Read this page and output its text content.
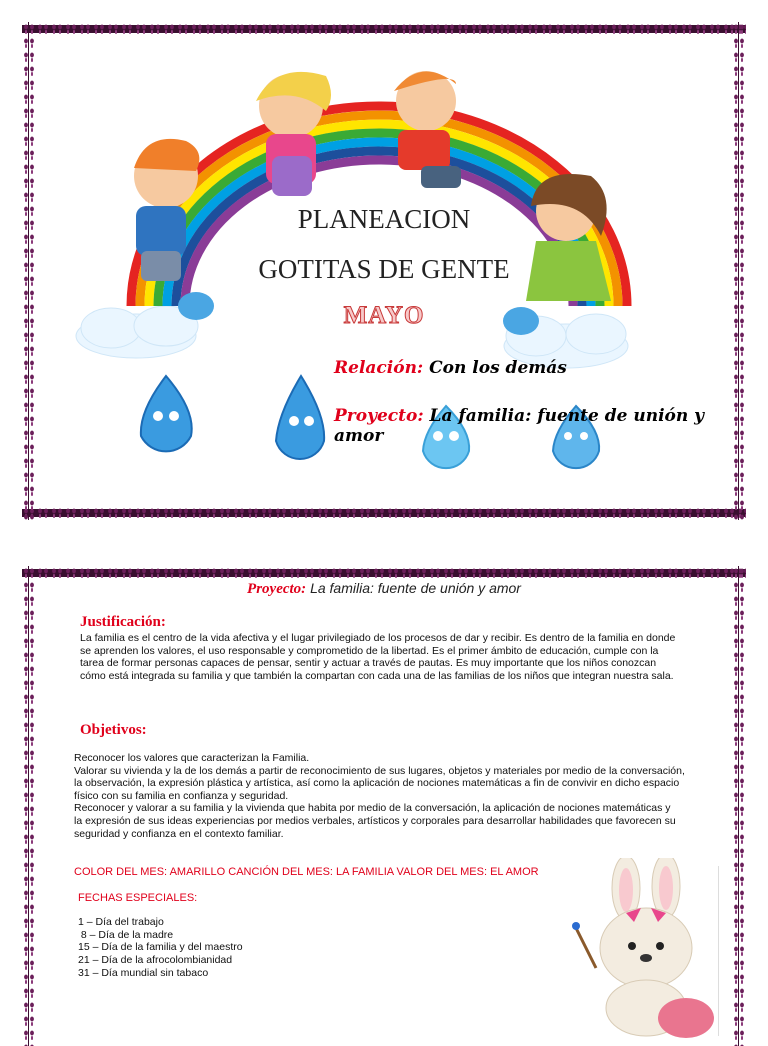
PLANEACION
GOTITAS DE GENTE
MAYO
Relación: Con los demás
Proyecto: La familia: fuente de unión y amor
Proyecto: La familia: fuente de unión y amor
Justificación:
La familia es el centro de la vida afectiva y el lugar privilegiado de los procesos de dar y recibir. Es dentro de la familia en donde
se aprenden los valores, el uso responsable y comprometido de la libertad. Es el primer ámbito de educación, cumple con la
tarea de formar personas capaces de pensar, sentir y actuar a través de pautas. Es muy importante que los niños conozcan
cómo está integrada su familia y que también la compartan con cada una de las familias de los niños que integran nuestra sala.
Objetivos:
Reconocer los valores que caracterizan la Familia.
Valorar su vivienda y la de los demás a partir de reconocimiento de sus lugares, objetos y materiales por medio de la conversación,
la observación, la expresión plástica y artística, así como la aplicación de nociones matemáticas a fin de convivir en dicho espacio
físico con su familia en confianza y seguridad.
Reconocer y valorar a su familia y la vivienda que habita por medio de la conversación, la aplicación de nociones matemáticas y
la expresión de sus ideas experiencias por medios verbales, artísticos y corporales para desarrollar habilidades que favorecen su
seguridad y confianza en el contexto familiar.
COLOR DEL MES: AMARILLO CANCIÓN DEL MES: LA FAMILIA VALOR DEL MES: EL AMOR
FECHAS ESPECIALES:
1 – Día del trabajo
8 – Día de la madre
15 – Día de la familia y del maestro
21 – Día de la afrocolombianidad
31 – Día mundial sin tabaco
